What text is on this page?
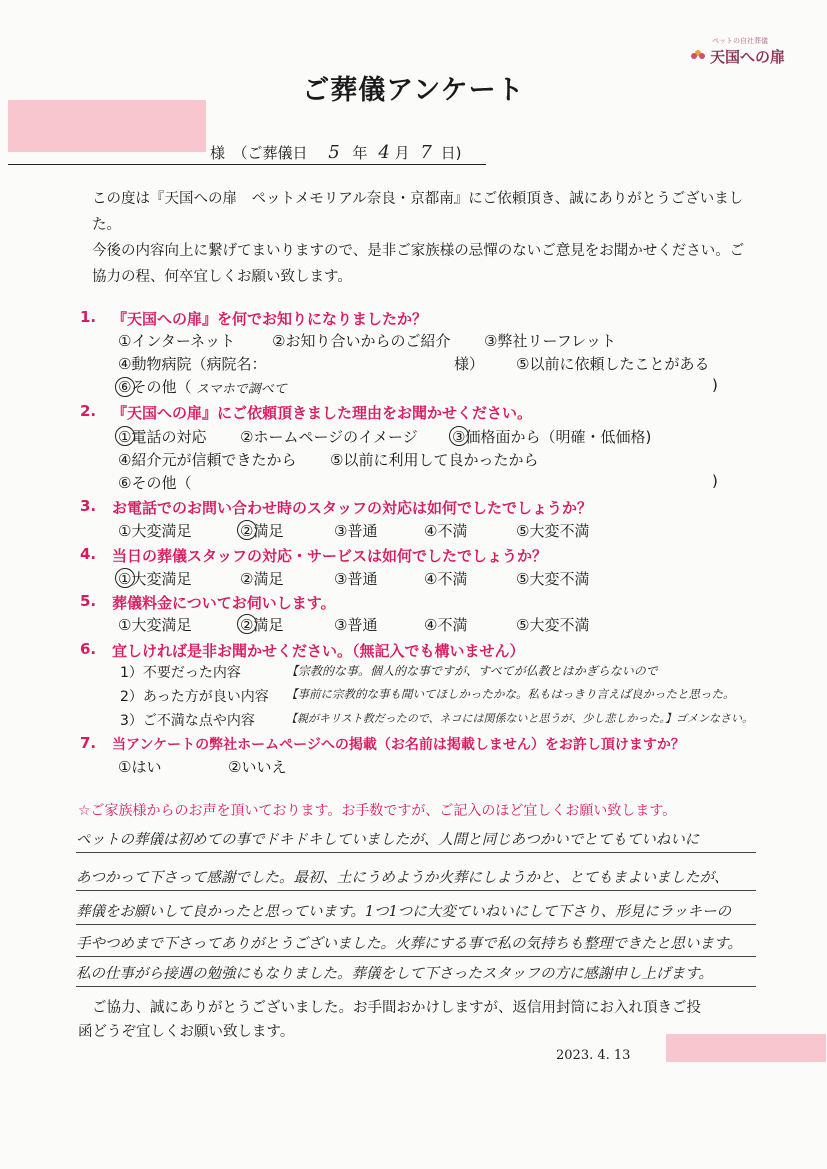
ペットの自社葬儀
天国への扉
ご葬儀アンケート
様　（ご葬儀日 5 年 4 月 7 日)
この度は『天国への扉　ペットメモリアル奈良・京都南』にご依頼頂き、誠にありがとうございました。
今後の内容向上に繋げてまいりますので、是非ご家族様の忌憚のないご意見をお聞かせください。ご協力の程、何卒宜しくお願い致します。
1. 『天国への扉』を何でお知りになりましたか？
①インターネット ②お知り合いからのご紹介 ③弊社リーフレット
④動物病院（病院名：	様） ⑤以前に依頼したことがある
⑥その他（ スマホで調べて	)
2. 『天国への扉』にご依頼頂きました理由をお聞かせください。
①電話の対応 ②ホームページのイメージ ③価格面から（明確・低価格)
④紹介元が信頼できたから ⑤以前に利用して良かったから
⑥その他（	)
3. お電話でのお問い合わせ時のスタッフの対応は如何でしたでしょうか？
①大変満足	②満足	③普通	④不満	⑤大変不満
4. 当日の葬儀スタッフの対応・サービスは如何でしたでしょうか？
①大変満足	②満足	③普通	④不満	⑤大変不満
5. 葬儀料金についてお伺いします。
①大変満足	②満足	③普通	④不満	⑤大変不満
6. 宜しければ是非お聞かせください。（無記入でも構いません）
1）不要だった内容	【宗教的な事。個人的な事ですが、すべてが仏教とはかぎらないので
2）あった方が良い内容 【事前に宗教的な事も聞いてほしかったかな。私もはっきり言えば良かったと思った。
3）ご不満な点や内容	【親がキリスト教だったので、ネコには関係ないと思うが、少し悲しかった。】ゴメンなさい。
7. 当アンケートの弊社ホームページへの掲載（お名前は掲載しません）をお許し頂けますか？
①はい	②いいえ
☆ご家族様からのお声を頂いております。お手数ですが、ご記入のほど宜しくお願い致します。
ペットの葬儀は初めての事でドキドキしていましたが、人間と同じあつかいでとてもていねいに
あつかって下さって感謝でした。最初、土にうめようか火葬にしようかと、とてもまよいましたが、
葬儀をお願いして良かったと思っています。1つ1つに大変ていねいにして下さり、形見にラッキーの
手やつめまで下さってありがとうございました。火葬にする事で私の気持ちも整理できたと思います。
私の仕事がら接遇の勉強にもなりました。葬儀をして下さったスタッフの方に感謝申し上げます。
ご協力、誠にありがとうございました。お手間おかけしますが、返信用封筒にお入れ頂きご投
函どうぞ宜しくお願い致します。
2023. 4. 13
